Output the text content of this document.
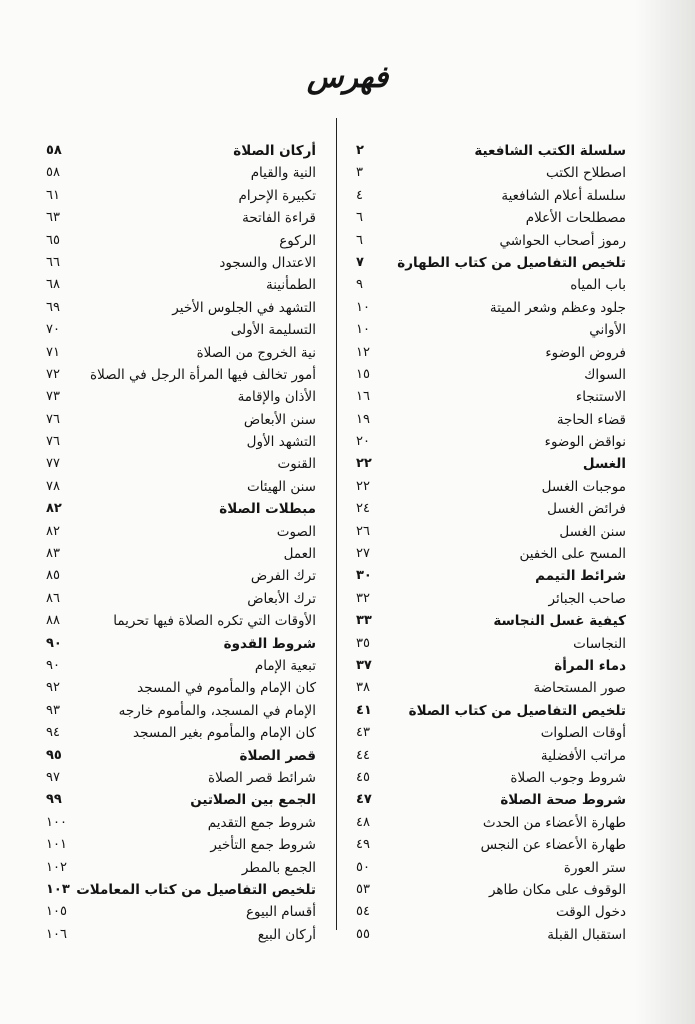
فهرس
سلسلة الكتب الشافعية
٢
اصطلاح الكتب
٣
سلسلة أعلام الشافعية
٤
مصطلحات الأعلام
٦
رموز أصحاب الحواشي
٦
تلخيص التفاصيل من كتاب الطهارة
٧
باب المياه
٩
جلود وعظم وشعر الميتة
١٠
الأواني
١٠
فروض الوضوء
١٢
السواك
١٥
الاستنجاء
١٦
قضاء الحاجة
١٩
نواقض الوضوء
٢٠
الغسل
٢٢
موجبات الغسل
٢٢
فرائض الغسل
٢٤
سنن الغسل
٢٦
المسح على الخفين
٢٧
شرائط التيمم
٣٠
صاحب الجبائر
٣٢
كيفية غسل النجاسة
٣٣
النجاسات
٣٥
دماء المرأة
٣٧
صور المستحاضة
٣٨
تلخيص التفاصيل من كتاب الصلاة
٤١
أوقات الصلوات
٤٣
مراتب الأفضلية
٤٤
شروط وجوب الصلاة
٤٥
شروط صحة الصلاة
٤٧
طهارة الأعضاء من الحدث
٤٨
طهارة الأعضاء عن النجس
٤٩
ستر العورة
٥٠
الوقوف على مكان طاهر
٥٣
دخول الوقت
٥٤
استقبال القبلة
٥٥
أركان الصلاة
٥٨
النية والقيام
٥٨
تكبيرة الإحرام
٦١
قراءة الفاتحة
٦٣
الركوع
٦٥
الاعتدال والسجود
٦٦
الطمأنينة
٦٨
التشهد في الجلوس الأخير
٦٩
التسليمة الأولى
٧٠
نية الخروج من الصلاة
٧١
أمور تخالف فيها المرأة الرجل في الصلاة
٧٢
الأذان والإقامة
٧٣
سنن الأبعاض
٧٦
التشهد الأول
٧٦
القنوت
٧٧
سنن الهيئات
٧٨
مبطلات الصلاة
٨٢
الصوت
٨٢
العمل
٨٣
ترك الفرض
٨٥
ترك الأبعاض
٨٦
الأوقات التي تكره الصلاة فيها تحريما
٨٨
شروط القدوة
٩٠
تبعية الإمام
٩٠
كان الإمام والمأموم في المسجد
٩٢
الإمام في المسجد، والمأموم خارجه
٩٣
كان الإمام والمأموم بغير المسجد
٩٤
قصر الصلاة
٩٥
شرائط قصر الصلاة
٩٧
الجمع بين الصلاتين
٩٩
شروط جمع التقديم
١٠٠
شروط جمع التأخير
١٠١
الجمع بالمطر
١٠٢
تلخيص التفاصيل من كتاب المعاملات
١٠٣
أقسام البيوع
١٠٥
أركان البيع
١٠٦
